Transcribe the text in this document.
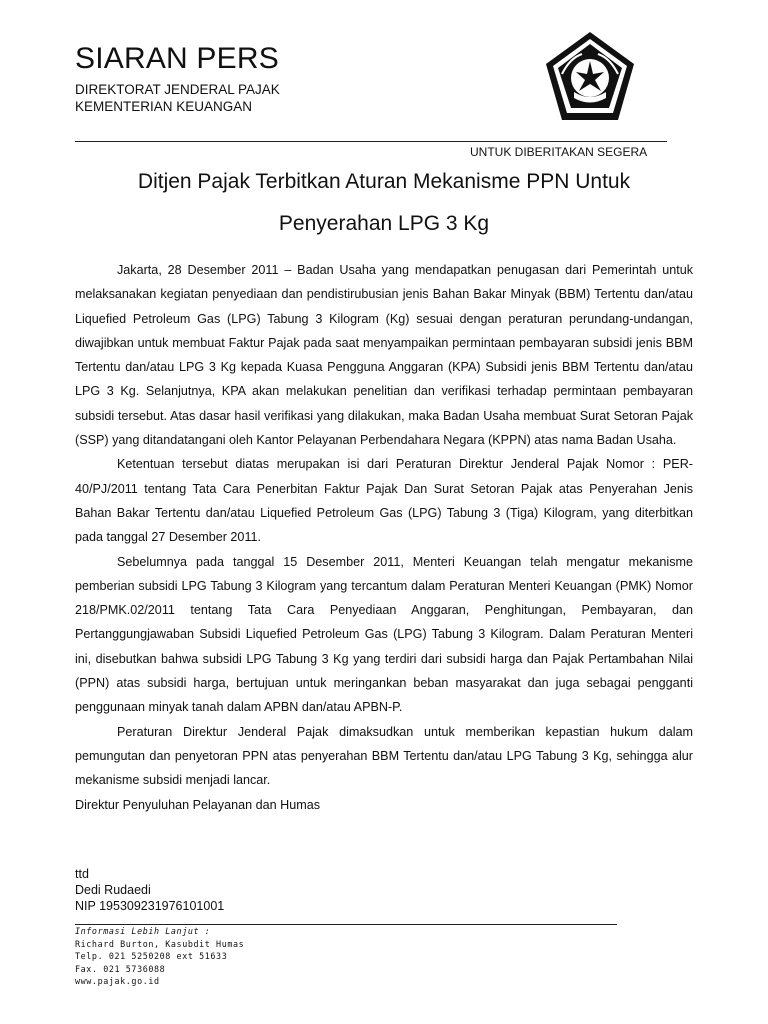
SIARAN PERS
DIREKTORAT JENDERAL PAJAK
KEMENTERIAN KEUANGAN
UNTUK DIBERITAKAN SEGERA
Ditjen Pajak Terbitkan Aturan Mekanisme PPN Untuk
Penyerahan LPG 3 Kg

Jakarta, 28 Desember 2011 – Badan Usaha yang mendapatkan penugasan dari Pemerintah untuk melaksanakan kegiatan penyediaan dan pendistirubusian jenis Bahan Bakar Minyak (BBM) Tertentu dan/atau Liquefied Petroleum Gas (LPG) Tabung 3 Kilogram (Kg) sesuai dengan peraturan perundang-undangan, diwajibkan untuk membuat Faktur Pajak pada saat menyampaikan permintaan pembayaran subsidi jenis BBM Tertentu dan/atau LPG 3 Kg kepada Kuasa Pengguna Anggaran (KPA) Subsidi jenis BBM Tertentu dan/atau LPG 3 Kg. Selanjutnya, KPA akan melakukan penelitian dan verifikasi terhadap permintaan pembayaran subsidi tersebut. Atas dasar hasil verifikasi yang dilakukan, maka Badan Usaha membuat Surat Setoran Pajak (SSP) yang ditandatangani oleh Kantor Pelayanan Perbendahara Negara (KPPN) atas nama Badan Usaha.

Ketentuan tersebut diatas merupakan isi dari Peraturan Direktur Jenderal Pajak Nomor : PER-40/PJ/2011 tentang Tata Cara Penerbitan Faktur Pajak Dan Surat Setoran Pajak atas Penyerahan Jenis Bahan Bakar Tertentu dan/atau Liquefied Petroleum Gas (LPG) Tabung 3 (Tiga) Kilogram, yang diterbitkan pada tanggal 27 Desember 2011.

Sebelumnya pada tanggal 15 Desember 2011, Menteri Keuangan telah mengatur mekanisme pemberian subsidi LPG Tabung 3 Kilogram yang tercantum dalam Peraturan Menteri Keuangan (PMK) Nomor 218/PMK.02/2011 tentang Tata Cara Penyediaan Anggaran, Penghitungan, Pembayaran, dan Pertanggungjawaban Subsidi Liquefied Petroleum Gas (LPG) Tabung 3 Kilogram. Dalam Peraturan Menteri ini, disebutkan bahwa subsidi LPG Tabung 3 Kg yang terdiri dari subsidi harga dan Pajak Pertambahan Nilai (PPN) atas subsidi harga, bertujuan untuk meringankan beban masyarakat dan juga sebagai pengganti penggunaan minyak tanah dalam APBN dan/atau APBN-P.

Peraturan Direktur Jenderal Pajak dimaksudkan untuk memberikan kepastian hukum dalam pemungutan dan penyetoran PPN atas penyerahan BBM Tertentu dan/atau LPG Tabung 3 Kg, sehingga alur mekanisme subsidi menjadi lancar.

Direktur Penyuluhan Pelayanan dan Humas

ttd
Dedi Rudaedi
NIP 195309231976101001
Informasi Lebih Lanjut :
Richard Burton, Kasubdit Humas
Telp. 021 5250208 ext 51633
Fax. 021 5736088
www.pajak.go.id
